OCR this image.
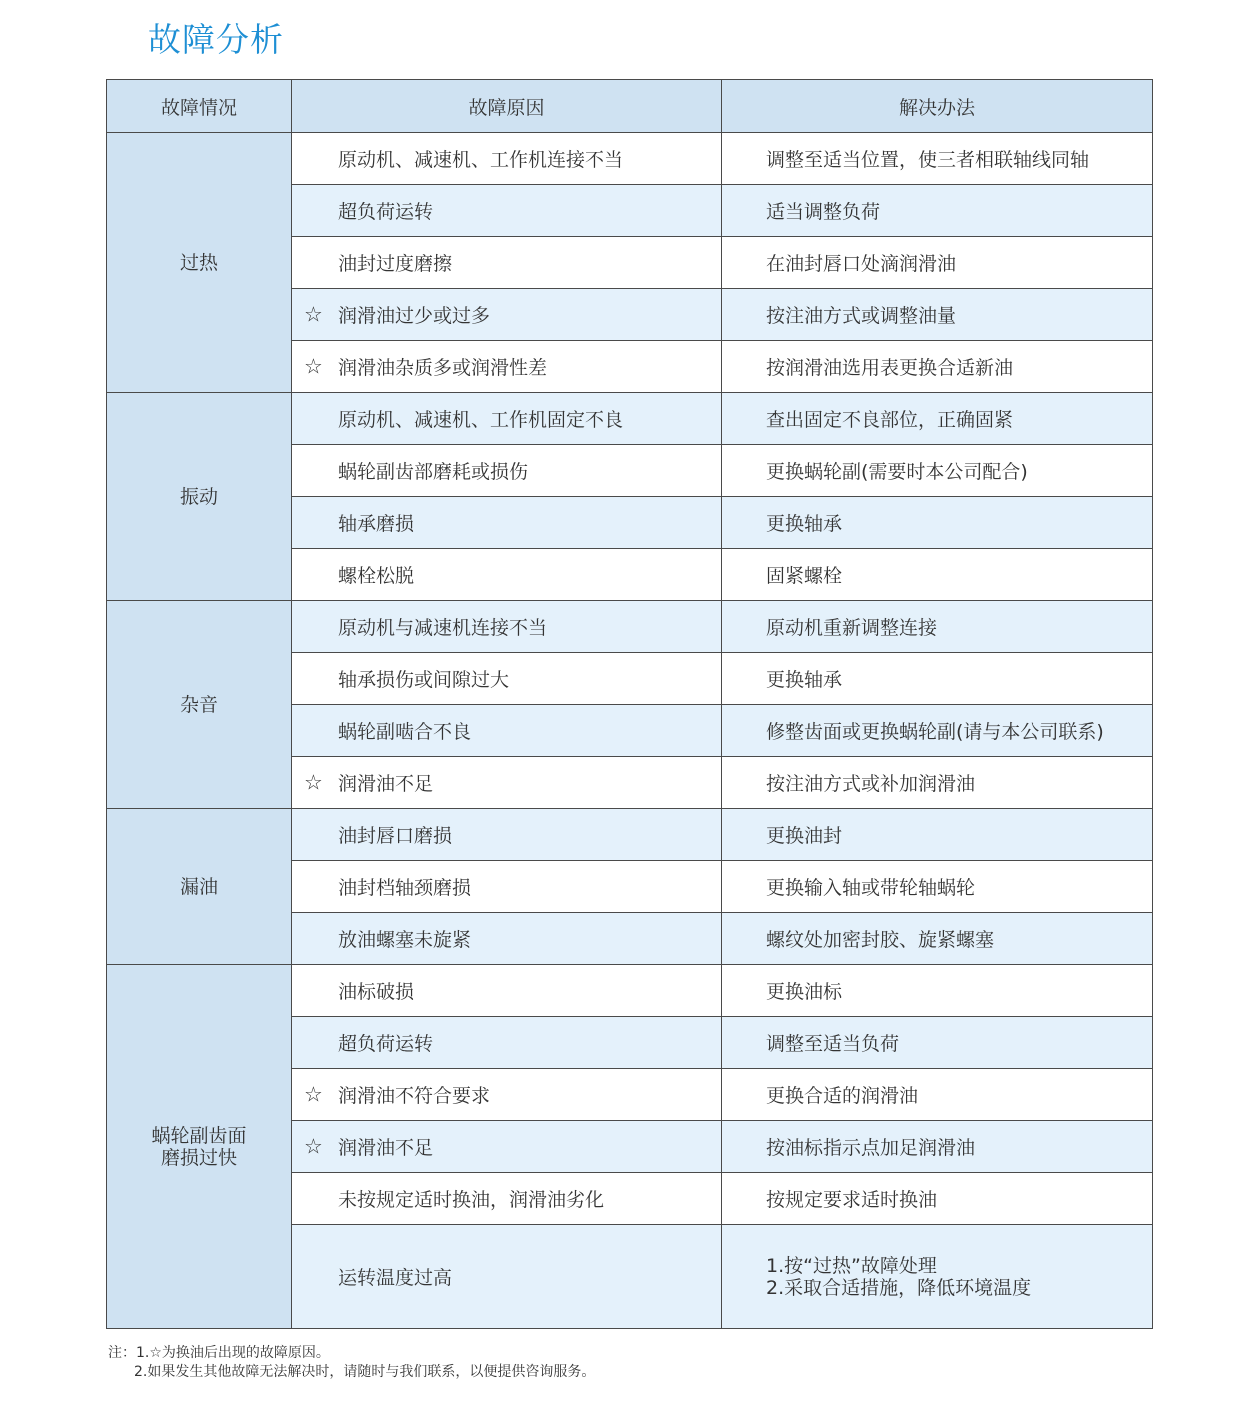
故障分析
故障情况	故障原因	解决办法
过热	原动机、减速机、工作机连接不当	调整至适当位置，使三者相联轴线同轴
	超负荷运转	适当调整负荷
	油封过度磨擦	在油封唇口处滴润滑油

	☆ 润滑油过少或过多	按注油方式或调整油量

	☆ 润滑油杂质多或润滑性差	按润滑油选用表更换合适新油
振动	原动机、减速机、工作机固定不良	查出固定不良部位，正确固紧
	蜗轮副齿部磨耗或损伤	更换蜗轮副(需要时本公司配合)
	轴承磨损	更换轴承
	螺栓松脱	固紧螺栓
杂音	原动机与减速机连接不当	原动机重新调整连接
	轴承损伤或间隙过大	更换轴承
	蜗轮副啮合不良	修整齿面或更换蜗轮副(请与本公司联系)

	☆ 润滑油不足	按注油方式或补加润滑油
漏油	油封唇口磨损	更换油封
	油封档轴颈磨损	更换输入轴或带轮轴蜗轮
	放油螺塞未旋紧	螺纹处加密封胶、旋紧螺塞
蜗轮副齿面
磨损过快	油标破损	更换油标
	超负荷运转	调整至适当负荷

	☆ 润滑油不符合要求	更换合适的润滑油

	☆ 润滑油不足	按油标指示点加足润滑油
	未按规定适时换油，润滑油劣化	按规定要求适时换油
	运转温度过高	1.按“过热”故障处理
2.采取合适措施，降低环境温度
注：1.☆为换油后出现的故障原因。
2.如果发生其他故障无法解决时，请随时与我们联系，以便提供咨询服务。
